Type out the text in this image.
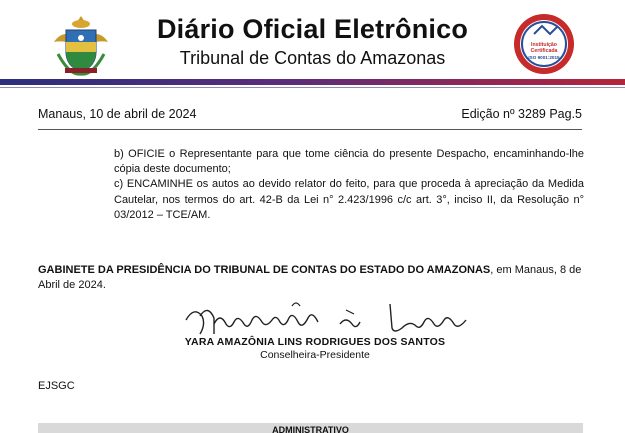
Diário Oficial Eletrônico
Tribunal de Contas do Amazonas
Instituição
Certificada
ISO 9001:2015
Manaus, 10 de abril de 2024	Edição nº 3289 Pag.5

b) OFICIE o Representante para que tome ciência do presente Despacho, encaminhando-lhe cópia deste documento;

c) ENCAMINHE os autos ao devido relator do feito, para que proceda à apreciação da Medida Cautelar, nos termos do art. 42-B da Lei n° 2.423/1996 c/c art. 3°, inciso II, da Resolução n° 03/2012 – TCE/AM.

GABINETE DA PRESIDÊNCIA DO TRIBUNAL DE CONTAS DO ESTADO DO AMAZONAS, em Manaus, 8 de Abril de 2024.
YARA AMAZÔNIA LINS RODRIGUES DOS SANTOS
Conselheira-Presidente
EJSGC
ADMINISTRATIVO
